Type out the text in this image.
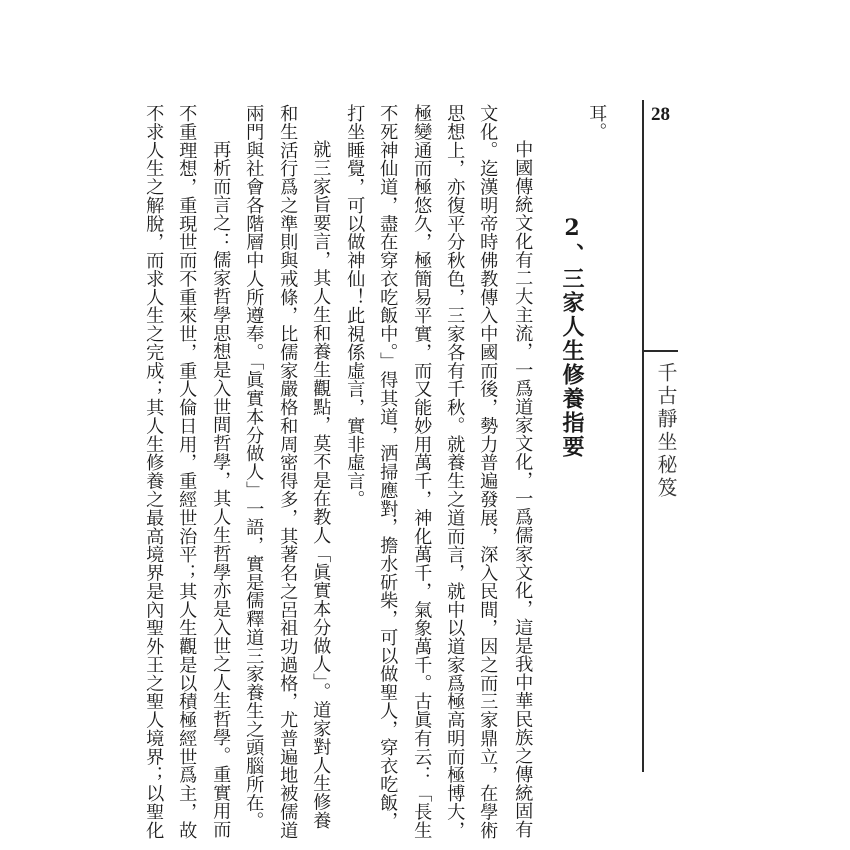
28
千古靜坐秘笈
耳。
2、三家人生修養指要
中國傳統文化有二大主流，一爲道家文化，一爲儒家文化，這是我中華民族之傳統固有
文化。迄漢明帝時佛教傳入中國而後，勢力普遍發展，深入民間，因之而三家鼎立，在學術
思想上，亦復平分秋色，三家各有千秋。就養生之道而言，就中以道家爲極高明而極博大，
極變通而極悠久，極簡易平實，而又能妙用萬千，神化萬千，氣象萬千。古眞有云：「長生
不死神仙道，盡在穿衣吃飯中。」得其道，洒掃應對，擔水斫柴，可以做聖人，穿衣吃飯，
打坐睡覺，可以做神仙！此視係虛言，實非虛言。
就三家旨要言，其人生和養生觀點，莫不是在教人「眞實本分做人」。道家對人生修養
和生活行爲之準則與戒條，比儒家嚴格和周密得多，其著名之呂祖功過格，尤普遍地被儒道
兩門與社會各階層中人所遵奉。「眞實本分做人」一語，實是儒釋道三家養生之頭腦所在。
再析而言之：儒家哲學思想是入世間哲學，其人生哲學亦是入世之人生哲學。重實用而
不重理想，重現世而不重來世，重人倫日用，重經世治平；其人生觀是以積極經世爲主，故
不求人生之解脫，而求人生之完成；其人生修養之最高境界是內聖外王之聖人境界；以聖化
